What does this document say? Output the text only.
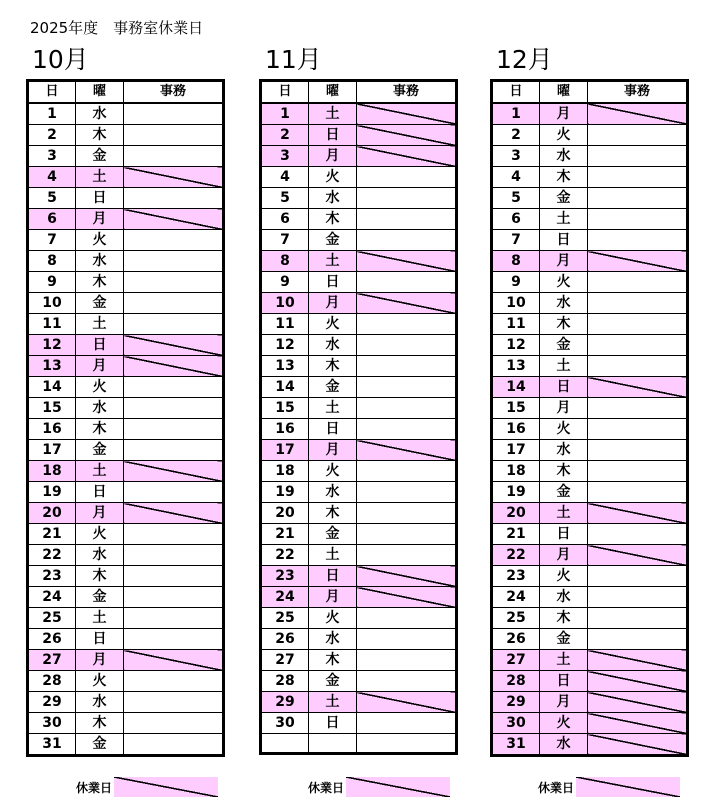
2025年度　事務室休業日
10月
日	曜	事務
1	水	
2	木	
3	金	
4	土	
5	日	
6	月	
7	火	
8	水	
9	木	
10	金	
11	土	
12	日	
13	月	
14	火	
15	水	
16	木	
17	金	
18	土	
19	日	
20	月	
21	火	
22	水	
23	木	
24	金	
25	土	
26	日	
27	月	
28	火	
29	水	
30	木	
31	金	
11月
日	曜	事務
1	土	
2	日	
3	月	
4	火	
5	水	
6	木	
7	金	
8	土	
9	日	
10	月	
11	火	
12	水	
13	木	
14	金	
15	土	
16	日	
17	月	
18	火	
19	水	
20	木	
21	金	
22	土	
23	日	
24	月	
25	火	
26	水	
27	木	
28	金	
29	土	
30	日	

12月
日	曜	事務
1	月	
2	火	
3	水	
4	木	
5	金	
6	土	
7	日	
8	月	
9	火	
10	水	
11	木	
12	金	
13	土	
14	日	
15	月	
16	火	
17	水	
18	木	
19	金	
20	土	
21	日	
22	月	
23	火	
24	水	
25	木	
26	金	
27	土	
28	日	
29	月	
30	火	
31	水	
休業日	休業日	休業日
